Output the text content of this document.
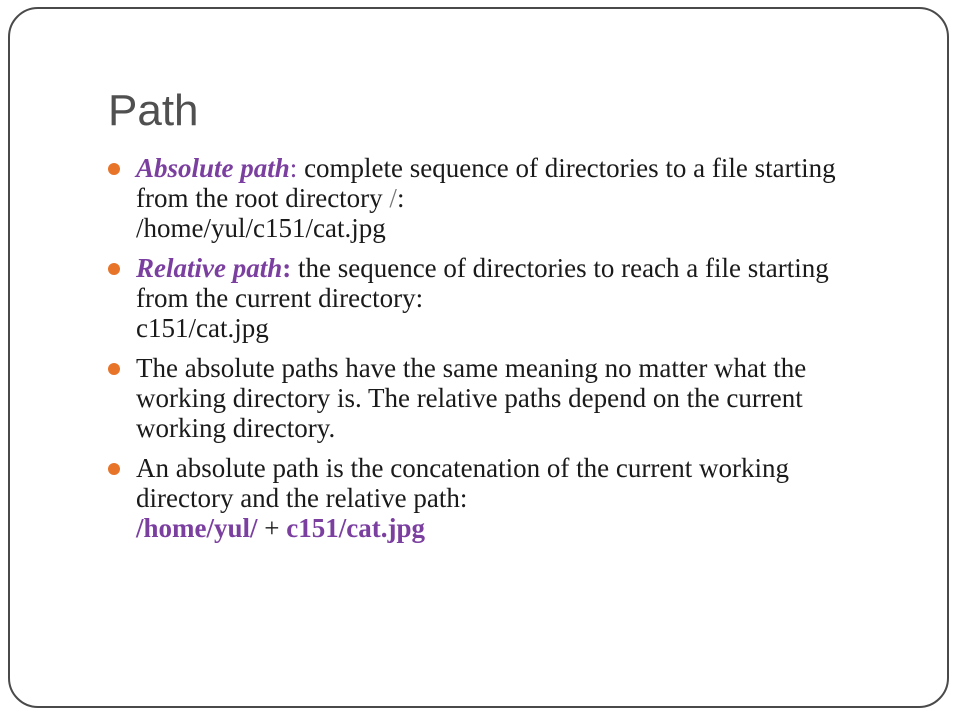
Path
Absolute path: complete sequence of directories to a file starting from the root directory /:
/home/yul/c151/cat.jpg
Relative path: the sequence of directories to reach a file starting from the current directory:
c151/cat.jpg
The absolute paths have the same meaning no matter what the working directory is. The relative paths depend on the current working directory.
An absolute path is the concatenation of the current working directory and the relative path:
/home/yul/ + c151/cat.jpg
